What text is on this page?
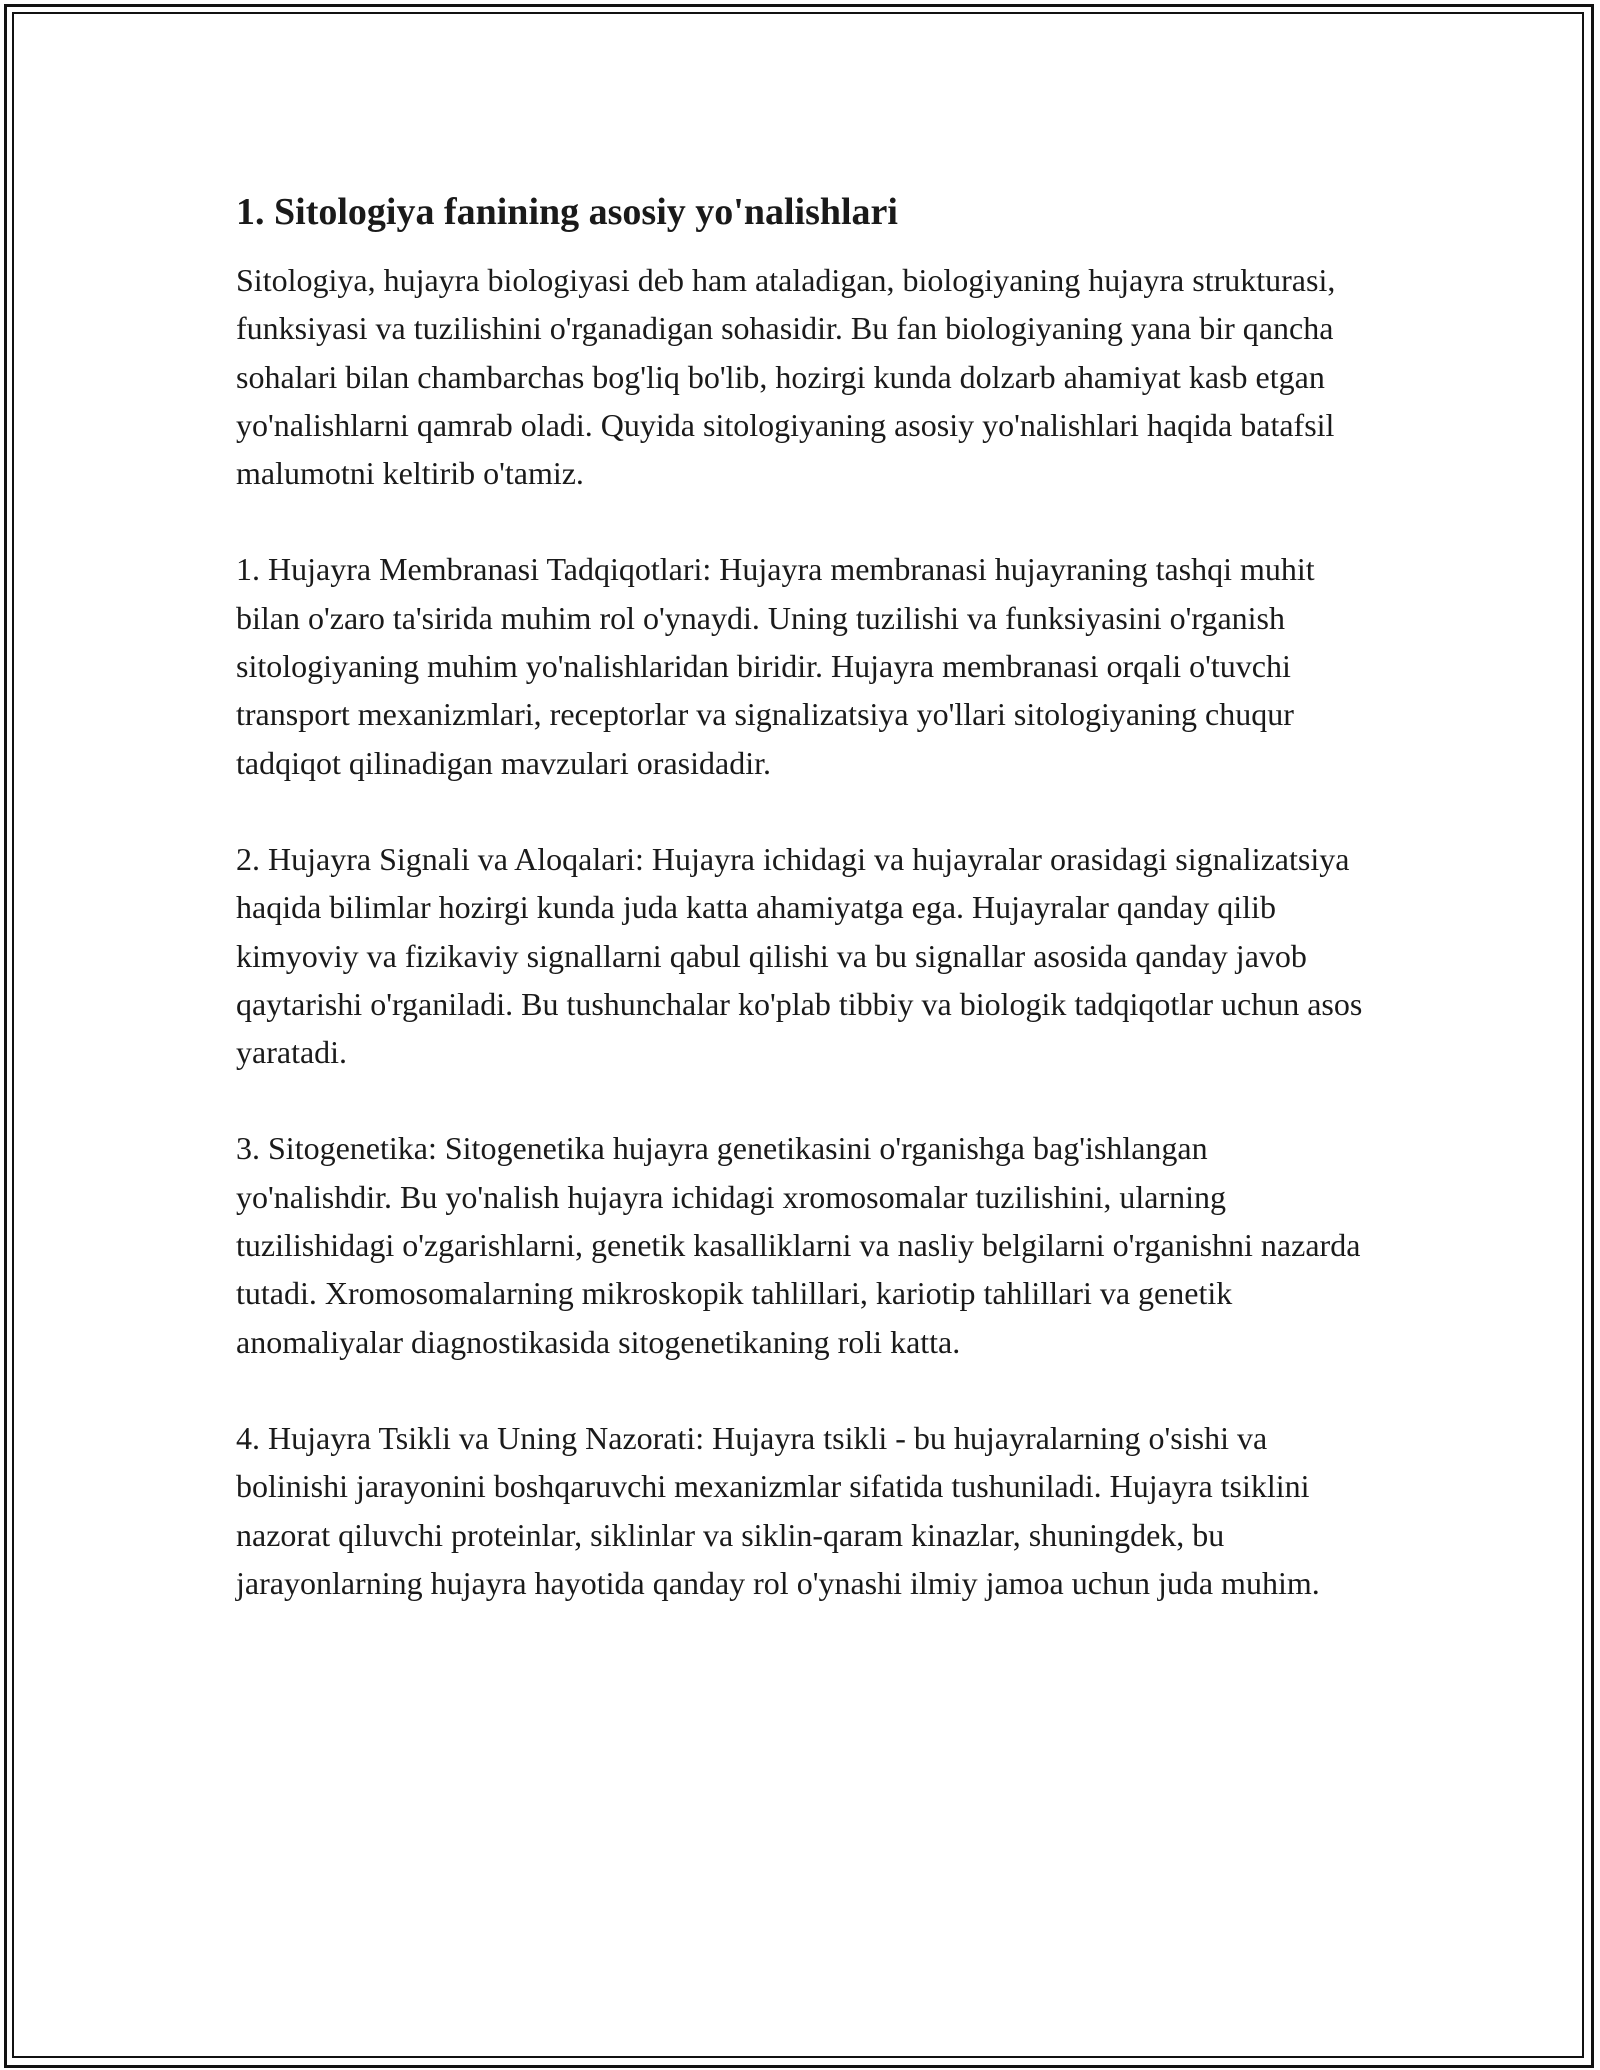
1. Sitologiya fanining asosiy yo'nalishlari

Sitologiya, hujayra biologiyasi deb ham ataladigan, biologiyaning hujayra strukturasi, funksiyasi va tuzilishini o'rganadigan sohasidir. Bu fan biologiyaning yana bir qancha sohalari bilan chambarchas bog'liq bo'lib, hozirgi kunda dolzarb ahamiyat kasb etgan yo'nalishlarni qamrab oladi. Quyida sitologiyaning asosiy yo'nalishlari haqida batafsil malumotni keltirib o'tamiz.

1. Hujayra Membranasi Tadqiqotlari: Hujayra membranasi hujayraning tashqi muhit bilan o'zaro ta'sirida muhim rol o'ynaydi. Uning tuzilishi va funksiyasini o'rganish sitologiyaning muhim yo'nalishlaridan biridir. Hujayra membranasi orqali o'tuvchi transport mexanizmlari, receptorlar va signalizatsiya yo'llari sitologiyaning chuqur tadqiqot qilinadigan mavzulari orasidadir.

2. Hujayra Signali va Aloqalari: Hujayra ichidagi va hujayralar orasidagi signalizatsiya haqida bilimlar hozirgi kunda juda katta ahamiyatga ega. Hujayralar qanday qilib kimyoviy va fizikaviy signallarni qabul qilishi va bu signallar asosida qanday javob qaytarishi o'rganiladi. Bu tushunchalar ko'plab tibbiy va biologik tadqiqotlar uchun asos yaratadi.

3. Sitogenetika: Sitogenetika hujayra genetikasini o'rganishga bag'ishlangan yo'nalishdir. Bu yo'nalish hujayra ichidagi xromosomalar tuzilishini, ularning tuzilishidagi o'zgarishlarni, genetik kasalliklarni va nasliy belgilarni o'rganishni nazarda tutadi. Xromosomalarning mikroskopik tahlillari, kariotip tahlillari va genetik anomaliyalar diagnostikasida sitogenetikaning roli katta.

4. Hujayra Tsikli va Uning Nazorati: Hujayra tsikli - bu hujayralarning o'sishi va bolinishi jarayonini boshqaruvchi mexanizmlar sifatida tushuniladi. Hujayra tsiklini nazorat qiluvchi proteinlar, siklinlar va siklin-qaram kinazlar, shuningdek, bu jarayonlarning hujayra hayotida qanday rol o'ynashi ilmiy jamoa uchun juda muhim.
